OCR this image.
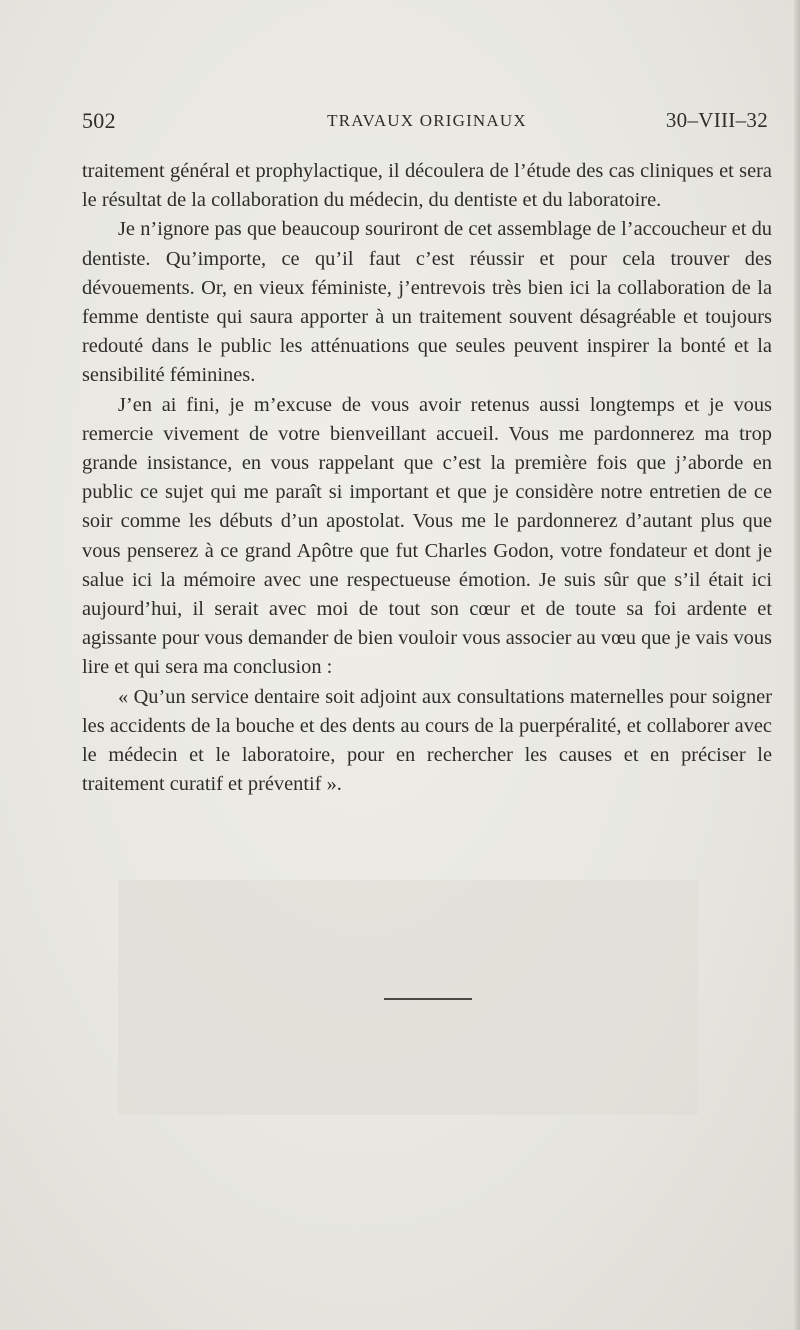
502	TRAVAUX ORIGINAUX	30–VIII–32

traitement général et prophylactique, il découlera de l’étude des cas cliniques et sera le résultat de la collaboration du médecin, du dentiste et du laboratoire.

Je n’ignore pas que beaucoup souriront de cet assemblage de l’accoucheur et du dentiste. Qu’importe, ce qu’il faut c’est réussir et pour cela trouver des dévouements. Or, en vieux féministe, j’entrevois très bien ici la collaboration de la femme dentiste qui saura apporter à un traitement souvent désagréable et toujours redouté dans le public les atténuations que seules peuvent inspirer la bonté et la sensibilité féminines.

J’en ai fini, je m’excuse de vous avoir retenus aussi longtemps et je vous remercie vivement de votre bienveillant accueil. Vous me pardonnerez ma trop grande insistance, en vous rappelant que c’est la première fois que j’aborde en public ce sujet qui me paraît si important et que je considère notre entretien de ce soir comme les débuts d’un apostolat. Vous me le pardonnerez d’autant plus que vous penserez à ce grand Apôtre que fut Charles Godon, votre fondateur et dont je salue ici la mémoire avec une respectueuse émotion. Je suis sûr que s’il était ici aujourd’hui, il serait avec moi de tout son cœur et de toute sa foi ardente et agissante pour vous demander de bien vouloir vous associer au vœu que je vais vous lire et qui sera ma conclusion :

« Qu’un service dentaire soit adjoint aux consultations maternelles pour soigner les accidents de la bouche et des dents au cours de la puerpéralité, et collaborer avec le médecin et le laboratoire, pour en rechercher les causes et en préciser le traitement curatif et préventif ».
